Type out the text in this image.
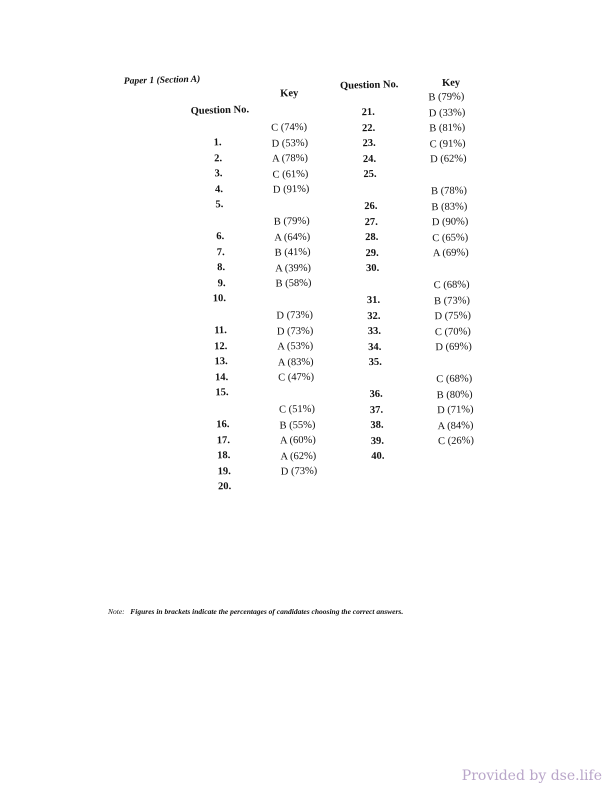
Paper 1 (Section A)
Question No.
Key
Question No.	Key
1.
C (74%)
2.
D (53%)
3.
A (78%)
4.
C (61%)
5.
D (91%)
6.
B (79%)
7.
A (64%)
8.
B (41%)
9.
A (39%)
10.
B (58%)
11.
D (73%)
12.
D (73%)
13.
A (53%)
14.
A (83%)
15.
C (47%)
16.
C (51%)
17.
B (55%)
18.
A (60%)
19.
A (62%)
20.
D (73%)
21.
B (79%)
22.
D (33%)
23.
B (81%)
24.
C (91%)
25.
D (62%)
26.
B (78%)
27.
B (83%)
28.
D (90%)
29.
C (65%)
30.
A (69%)
31.
C (68%)
32.
B (73%)
33.
D (75%)
34.
C (70%)
35.
D (69%)
36.
C (68%)
37.
B (80%)
38.
D (71%)
39.
A (84%)
40.
C (26%)
Note: Figures in brackets indicate the percentages of candidates choosing the correct answers.
Provided by dse.life
